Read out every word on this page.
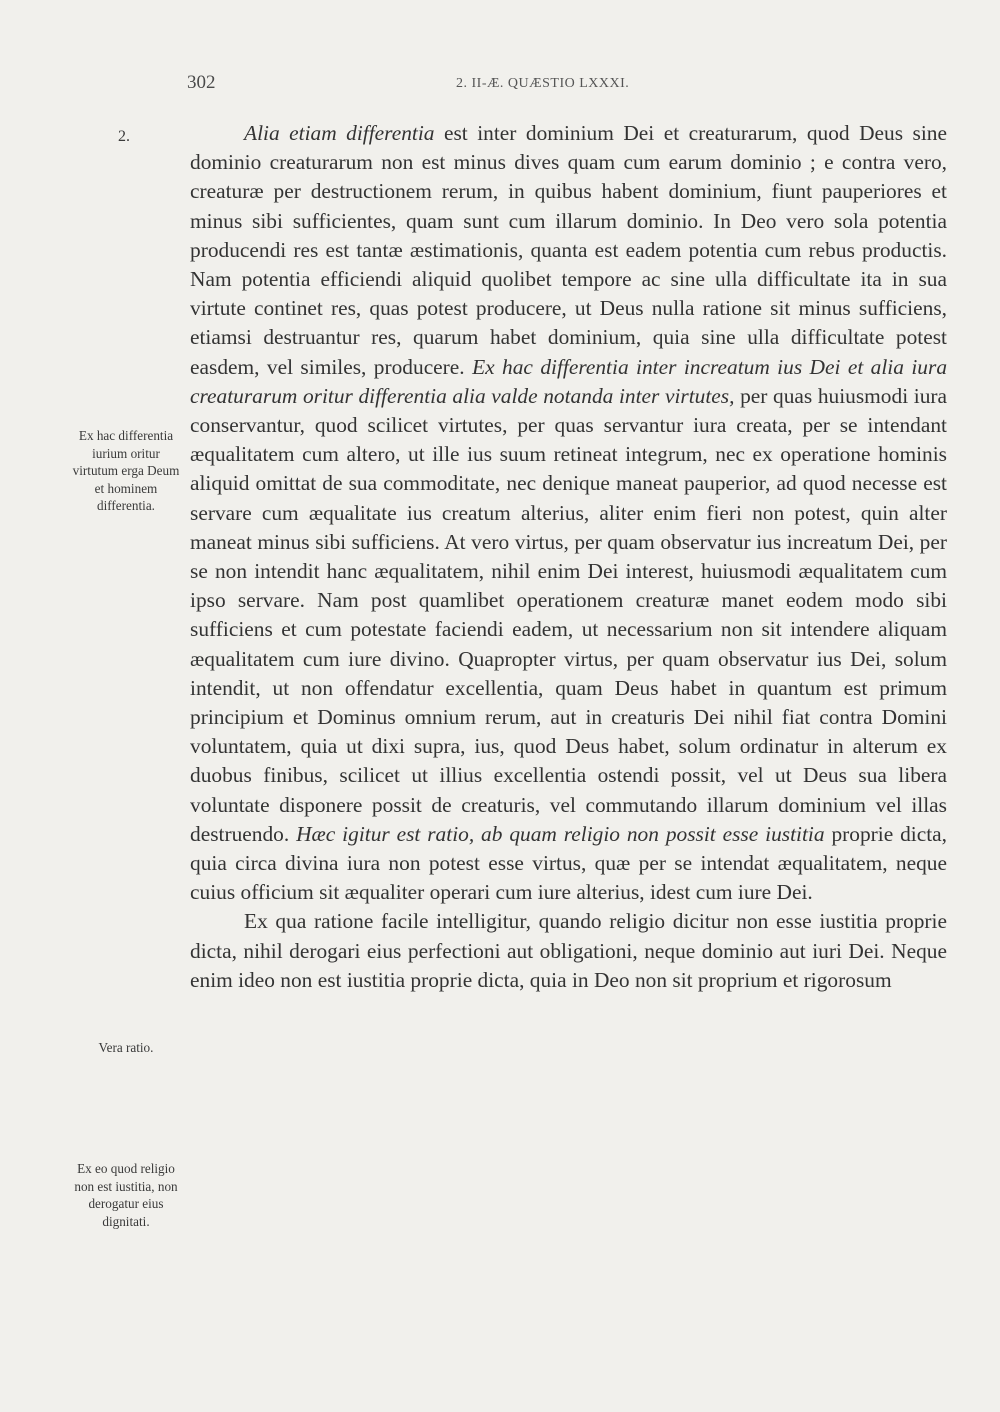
302	2. II-Æ. QUÆSTIO LXXXI.
2.
Ex hac differentia iurium oritur virtutum erga Deum et hominem differentia.
Vera ratio.
Ex eo quod religio non est iustitia, non derogatur eius dignitati.

Alia etiam differentia est inter dominium Dei et creaturarum, quod Deus sine dominio creaturarum non est minus dives quam cum earum dominio ; e contra vero, creaturæ per destructionem rerum, in quibus habent dominium, fiunt pauperiores et minus sibi sufficientes, quam sunt cum illarum dominio. In Deo vero sola potentia producendi res est tantæ æstimationis, quanta est eadem potentia cum rebus productis. Nam potentia efficiendi aliquid quolibet tempore ac sine ulla difficultate ita in sua virtute continet res, quas potest producere, ut Deus nulla ratione sit minus sufficiens, etiamsi destruantur res, quarum habet dominium, quia sine ulla difficultate potest easdem, vel similes, producere. Ex hac differentia inter increatum ius Dei et alia iura creaturarum oritur differentia alia valde notanda inter virtutes, per quas huiusmodi iura conservantur, quod scilicet virtutes, per quas servantur iura creata, per se intendant æqualitatem cum altero, ut ille ius suum retineat integrum, nec ex operatione hominis aliquid omittat de sua commoditate, nec denique maneat pauperior, ad quod necesse est servare cum æqualitate ius creatum alterius, aliter enim fieri non potest, quin alter maneat minus sibi sufficiens. At vero virtus, per quam observatur ius increatum Dei, per se non intendit hanc æqualitatem, nihil enim Dei interest, huiusmodi æqualitatem cum ipso servare. Nam post quamlibet operationem creaturæ manet eodem modo sibi sufficiens et cum potestate faciendi eadem, ut necessarium non sit intendere aliquam æqualitatem cum iure divino. Quapropter virtus, per quam observatur ius Dei, solum intendit, ut non offendatur excellentia, quam Deus habet in quantum est primum principium et Dominus omnium rerum, aut in creaturis Dei nihil fiat contra Domini voluntatem, quia ut dixi supra, ius, quod Deus habet, solum ordinatur in alterum ex duobus finibus, scilicet ut illius excellentia ostendi possit, vel ut Deus sua libera voluntate disponere possit de creaturis, vel commutando illarum dominium vel illas destruendo. Hæc igitur est ratio, ab quam religio non possit esse iustitia proprie dicta, quia circa divina iura non potest esse virtus, quæ per se intendat æqualitatem, neque cuius officium sit æqualiter operari cum iure alterius, idest cum iure Dei.

Ex qua ratione facile intelligitur, quando religio dicitur non esse iustitia proprie dicta, nihil derogari eius perfectioni aut obligationi, neque dominio aut iuri Dei. Neque enim ideo non est iustitia proprie dicta, quia in Deo non sit proprium et rigorosum
